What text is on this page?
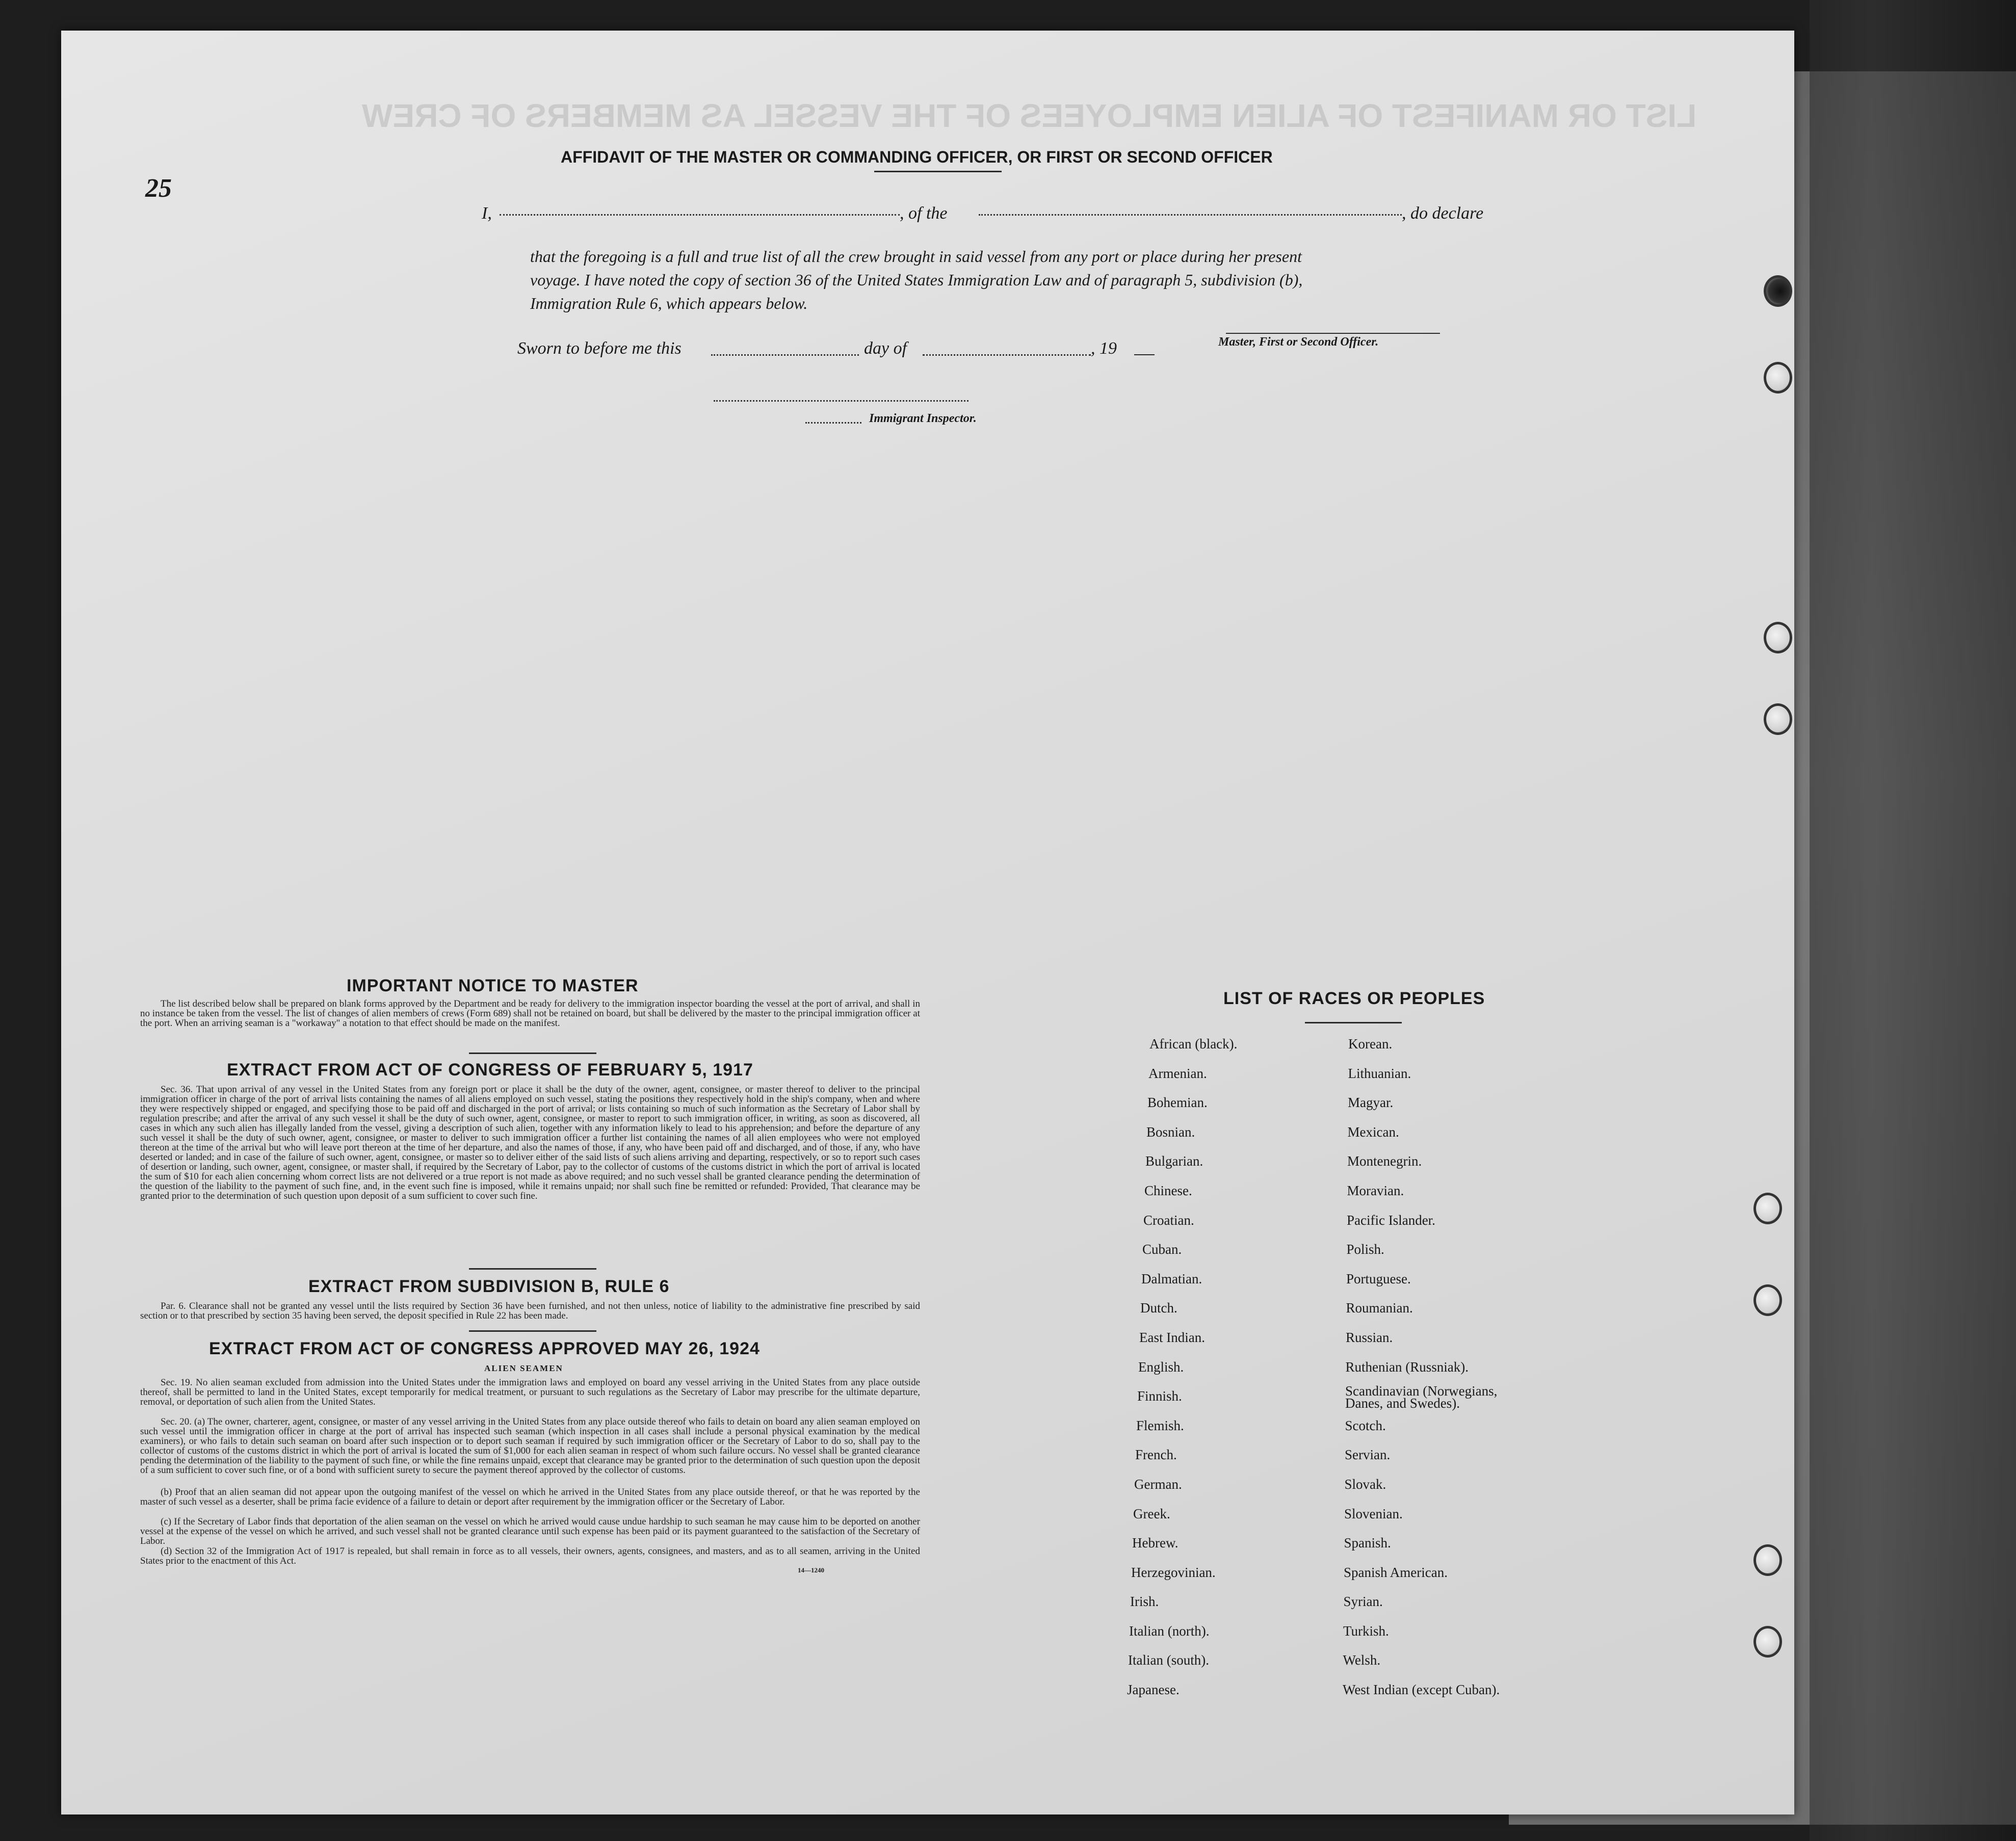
LIST OR MANIFEST OF ALIEN EMPLOYEES OF THE VESSEL AS MEMBERS OF CREW
AFFIDAVIT OF THE MASTER OR COMMANDING OFFICER, OR FIRST OR SECOND OFFICER
25
I,	, of the	, do declare
that the foregoing is a full and true list of all the crew brought in said vessel from any port or place during her present
voyage. I have noted the copy of section 36 of the United States Immigration Law and of paragraph 5, subdivision (b),
Immigration Rule 6, which appears below.
Master, First or Second Officer.
Sworn to before me this	day of	, 19
Immigrant Inspector.
IMPORTANT NOTICE TO MASTER
The list described below shall be prepared on blank forms approved by the Department and be ready for delivery to the immigration inspector boarding the vessel at the port of arrival, and shall in no instance be taken from the vessel. The list of changes of alien members of crews (Form 689) shall not be retained on board, but shall be delivered by the master to the principal immigration officer at the port. When an arriving seaman is a "workaway" a notation to that effect should be made on the manifest.
EXTRACT FROM ACT OF CONGRESS OF FEBRUARY 5, 1917
Sec. 36. That upon arrival of any vessel in the United States from any foreign port or place it shall be the duty of the owner, agent, consignee, or master thereof to deliver to the principal immigration officer in charge of the port of arrival lists containing the names of all aliens employed on such vessel, stating the positions they respectively hold in the ship's company, when and where they were respectively shipped or engaged, and specifying those to be paid off and discharged in the port of arrival; or lists containing so much of such information as the Secretary of Labor shall by regulation prescribe; and after the arrival of any such vessel it shall be the duty of such owner, agent, consignee, or master to report to such immigration officer, in writing, as soon as discovered, all cases in which any such alien has illegally landed from the vessel, giving a description of such alien, together with any information likely to lead to his apprehension; and before the departure of any such vessel it shall be the duty of such owner, agent, consignee, or master to deliver to such immigration officer a further list containing the names of all alien employees who were not employed thereon at the time of the arrival but who will leave port thereon at the time of her departure, and also the names of those, if any, who have been paid off and discharged, and of those, if any, who have deserted or landed; and in case of the failure of such owner, agent, consignee, or master so to deliver either of the said lists of such aliens arriving and departing, respectively, or so to report such cases of desertion or landing, such owner, agent, consignee, or master shall, if required by the Secretary of Labor, pay to the collector of customs of the customs district in which the port of arrival is located the sum of $10 for each alien concerning whom correct lists are not delivered or a true report is not made as above required; and no such vessel shall be granted clearance pending the determination of the question of the liability to the payment of such fine, and, in the event such fine is imposed, while it remains unpaid; nor shall such fine be remitted or refunded: Provided, That clearance may be granted prior to the determination of such question upon deposit of a sum sufficient to cover such fine.
EXTRACT FROM SUBDIVISION B, RULE 6
Par. 6. Clearance shall not be granted any vessel until the lists required by Section 36 have been furnished, and not then unless, notice of liability to the administrative fine prescribed by said section or to that prescribed by section 35 having been served, the deposit specified in Rule 22 has been made.
EXTRACT FROM ACT OF CONGRESS APPROVED MAY 26, 1924
ALIEN SEAMEN
Sec. 19. No alien seaman excluded from admission into the United States under the immigration laws and employed on board any vessel arriving in the United States from any place outside thereof, shall be permitted to land in the United States, except temporarily for medical treatment, or pursuant to such regulations as the Secretary of Labor may prescribe for the ultimate departure, removal, or deportation of such alien from the United States.
Sec. 20. (a) The owner, charterer, agent, consignee, or master of any vessel arriving in the United States from any place outside thereof who fails to detain on board any alien seaman employed on such vessel until the immigration officer in charge at the port of arrival has inspected such seaman (which inspection in all cases shall include a personal physical examination by the medical examiners), or who fails to detain such seaman on board after such inspection or to deport such seaman if required by such immigration officer or the Secretary of Labor to do so, shall pay to the collector of customs of the customs district in which the port of arrival is located the sum of $1,000 for each alien seaman in respect of whom such failure occurs. No vessel shall be granted clearance pending the determination of the liability to the payment of such fine, or while the fine remains unpaid, except that clearance may be granted prior to the determination of such question upon the deposit of a sum sufficient to cover such fine, or of a bond with sufficient surety to secure the payment thereof approved by the collector of customs.
(b) Proof that an alien seaman did not appear upon the outgoing manifest of the vessel on which he arrived in the United States from any place outside thereof, or that he was reported by the master of such vessel as a deserter, shall be prima facie evidence of a failure to detain or deport after requirement by the immigration officer or the Secretary of Labor.
(c) If the Secretary of Labor finds that deportation of the alien seaman on the vessel on which he arrived would cause undue hardship to such seaman he may cause him to be deported on another vessel at the expense of the vessel on which he arrived, and such vessel shall not be granted clearance until such expense has been paid or its payment guaranteed to the satisfaction of the Secretary of Labor.
(d) Section 32 of the Immigration Act of 1917 is repealed, but shall remain in force as to all vessels, their owners, agents, consignees, and masters, and as to all seamen, arriving in the United States prior to the enactment of this Act.
14—1240
LIST OF RACES OR PEOPLES
African (black).
Armenian.
Bohemian.
Bosnian.
Bulgarian.
Chinese.
Croatian.
Cuban.
Dalmatian.
Dutch.
East Indian.
English.
Finnish.
Flemish.
French.
German.
Greek.
Hebrew.
Herzegovinian.
Irish.
Italian (north).
Italian (south).
Japanese.
Korean.
Lithuanian.
Magyar.
Mexican.
Montenegrin.
Moravian.
Pacific Islander.
Polish.
Portuguese.
Roumanian.
Russian.
Ruthenian (Russniak).
Scandinavian (Norwegians, Danes, and Swedes).
Scotch.
Servian.
Slovak.
Slovenian.
Spanish.
Spanish American.
Syrian.
Turkish.
Welsh.
West Indian (except Cuban).
